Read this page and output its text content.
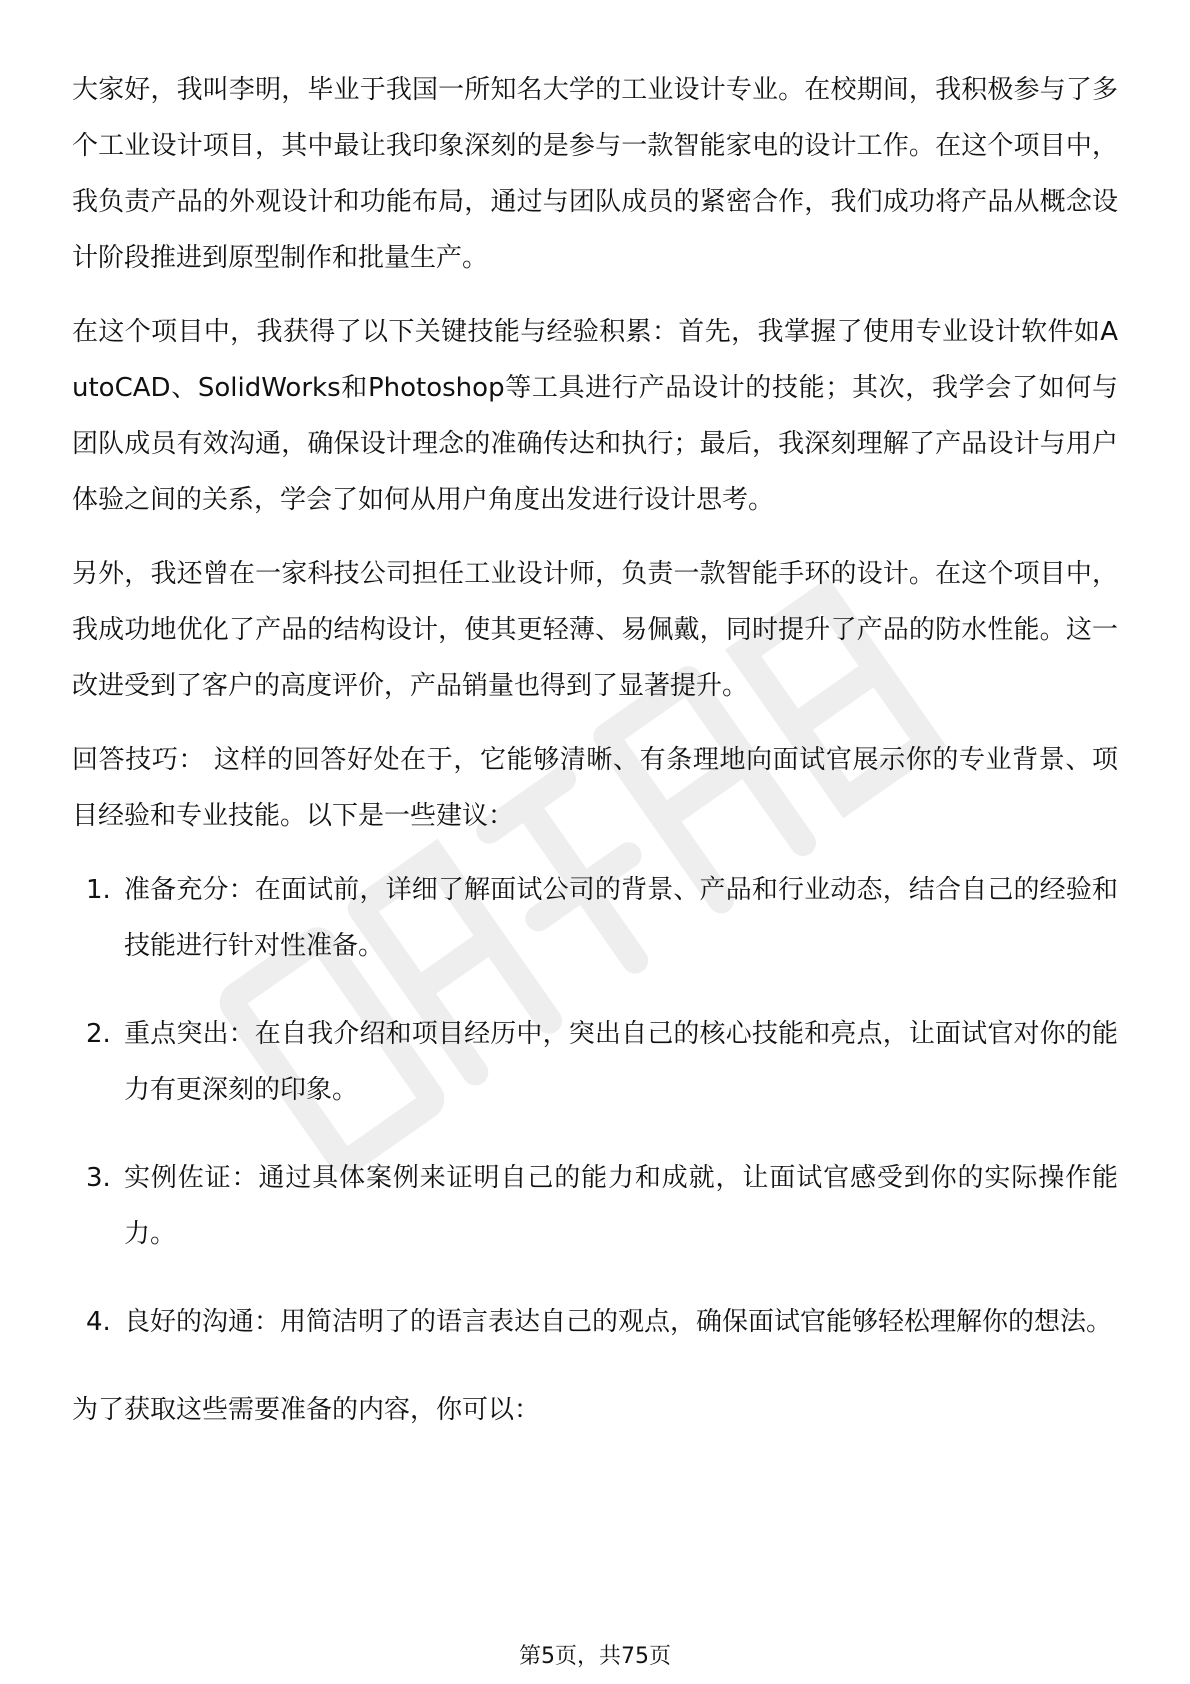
大家好，我叫李明，毕业于我国一所知名大学的工业设计专业。在校期间，我积极参与了多个工业设计项目，其中最让我印象深刻的是参与一款智能家电的设计工作。在这个项目中，我负责产品的外观设计和功能布局，通过与团队成员的紧密合作，我们成功将产品从概念设计阶段推进到原型制作和批量生产。

在这个项目中，我获得了以下关键技能与经验积累：首先，我掌握了使用专业设计软件如AutoCAD、SolidWorks和Photoshop等工具进行产品设计的技能；其次，我学会了如何与团队成员有效沟通，确保设计理念的准确传达和执行；最后，我深刻理解了产品设计与用户体验之间的关系，学会了如何从用户角度出发进行设计思考。

另外，我还曾在一家科技公司担任工业设计师，负责一款智能手环的设计。在这个项目中，我成功地优化了产品的结构设计，使其更轻薄、易佩戴，同时提升了产品的防水性能。这一改进受到了客户的高度评价，产品销量也得到了显著提升。

回答技巧： 这样的回答好处在于，它能够清晰、有条理地向面试官展示你的专业背景、项目经验和专业技能。以下是一些建议：

1. 准备充分：在面试前，详细了解面试公司的背景、产品和行业动态，结合自己的经验和技能进行针对性准备。
2. 重点突出：在自我介绍和项目经历中，突出自己的核心技能和亮点，让面试官对你的能力有更深刻的印象。
3. 实例佐证：通过具体案例来证明自己的能力和成就，让面试官感受到你的实际操作能力。
4. 良好的沟通：用简洁明了的语言表达自己的观点，确保面试官能够轻松理解你的想法。

为了获取这些需要准备的内容，你可以：

第5页，共75页
